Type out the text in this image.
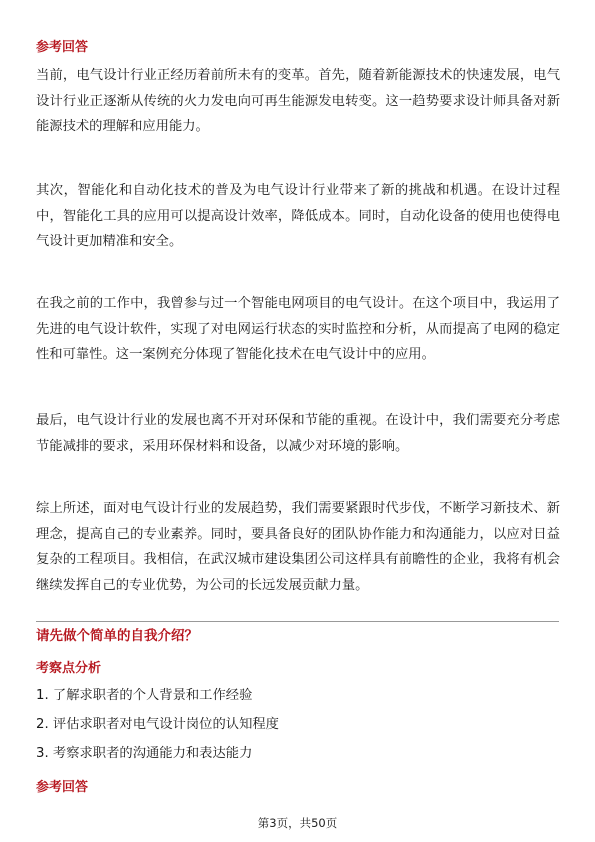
参考回答

当前，电气设计行业正经历着前所未有的变革。首先，随着新能源技术的快速发展，电气设计行业正逐渐从传统的火力发电向可再生能源发电转变。这一趋势要求设计师具备对新能源技术的理解和应用能力。

其次，智能化和自动化技术的普及为电气设计行业带来了新的挑战和机遇。在设计过程中，智能化工具的应用可以提高设计效率，降低成本。同时，自动化设备的使用也使得电气设计更加精准和安全。

在我之前的工作中，我曾参与过一个智能电网项目的电气设计。在这个项目中，我运用了先进的电气设计软件，实现了对电网运行状态的实时监控和分析，从而提高了电网的稳定性和可靠性。这一案例充分体现了智能化技术在电气设计中的应用。

最后，电气设计行业的发展也离不开对环保和节能的重视。在设计中，我们需要充分考虑节能减排的要求，采用环保材料和设备，以减少对环境的影响。

综上所述，面对电气设计行业的发展趋势，我们需要紧跟时代步伐，不断学习新技术、新理念，提高自己的专业素养。同时，要具备良好的团队协作能力和沟通能力，以应对日益复杂的工程项目。我相信，在武汉城市建设集团公司这样具有前瞻性的企业，我将有机会继续发挥自己的专业优势，为公司的长远发展贡献力量。

请先做个简单的自我介绍？
考察点分析
1. 了解求职者的个人背景和工作经验
2. 评估求职者对电气设计岗位的认知程度
3. 考察求职者的沟通能力和表达能力
参考回答
第3页，共50页
